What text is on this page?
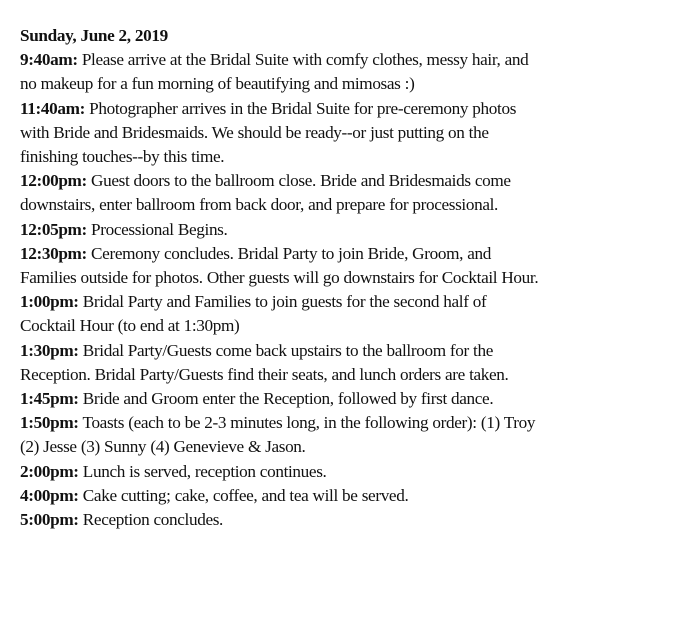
Sunday, June 2, 2019

9:40am: Please arrive at the Bridal Suite with comfy clothes, messy hair, and
no makeup for a fun morning of beautifying and mimosas :)

11:40am: Photographer arrives in the Bridal Suite for pre-ceremony photos
with Bride and Bridesmaids. We should be ready--or just putting on the
finishing touches--by this time.

12:00pm: Guest doors to the ballroom close. Bride and Bridesmaids come
downstairs, enter ballroom from back door, and prepare for processional.

12:05pm: Processional Begins.

12:30pm: Ceremony concludes. Bridal Party to join Bride, Groom, and
Families outside for photos. Other guests will go downstairs for Cocktail Hour.

1:00pm: Bridal Party and Families to join guests for the second half of
Cocktail Hour (to end at 1:30pm)

1:30pm: Bridal Party/Guests come back upstairs to the ballroom for the
Reception. Bridal Party/Guests find their seats, and lunch orders are taken.

1:45pm: Bride and Groom enter the Reception, followed by first dance.

1:50pm: Toasts (each to be 2-3 minutes long, in the following order): (1) Troy
(2) Jesse (3) Sunny (4) Genevieve & Jason.

2:00pm: Lunch is served, reception continues.

4:00pm: Cake cutting; cake, coffee, and tea will be served.

5:00pm: Reception concludes.
